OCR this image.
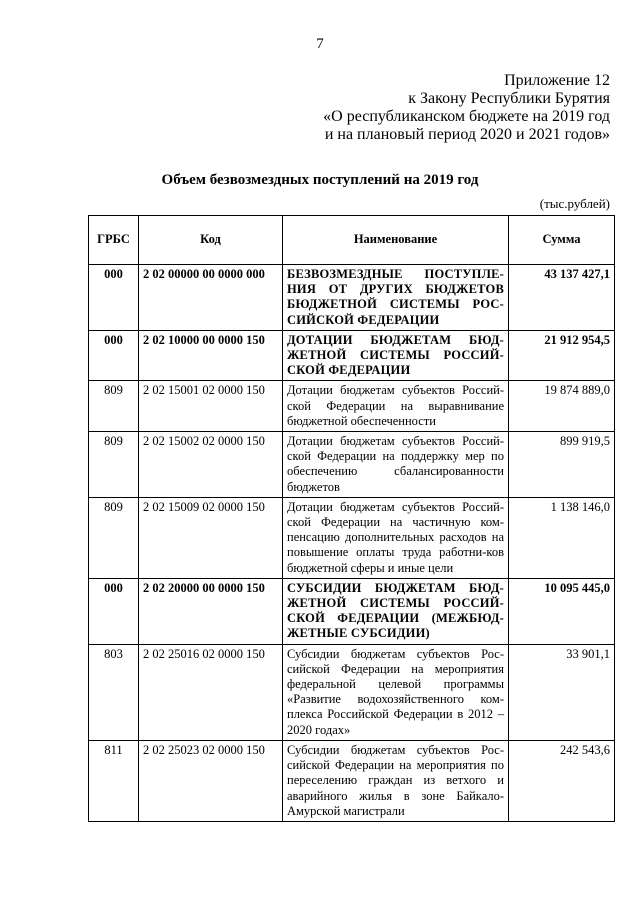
7
Приложение 12
к Закону Республики Бурятия
«О республиканском бюджете на 2019 год
и на плановый период 2020 и 2021 годов»
Объем безвозмездных поступлений на 2019 год
(тыс.рублей)
ГРБС	Код	Наименование	Сумма
000	2 02 00000 00 0000 000	БЕЗВОЗМЕЗДНЫЕ ПОСТУПЛЕ-НИЯ ОТ ДРУГИХ БЮДЖЕТОВ БЮДЖЕТНОЙ СИСТЕМЫ РОС-СИЙСКОЙ ФЕДЕРАЦИИ	43 137 427,1
000	2 02 10000 00 0000 150	ДОТАЦИИ БЮДЖЕТАМ БЮД-ЖЕТНОЙ СИСТЕМЫ РОССИЙ-СКОЙ ФЕДЕРАЦИИ	21 912 954,5
809	2 02 15001 02 0000 150	Дотации бюджетам субъектов Россий-ской Федерации на выравнивание бюджетной обеспеченности	19 874 889,0
809	2 02 15002 02 0000 150	Дотации бюджетам субъектов Россий-ской Федерации на поддержку мер по обеспечению сбалансированности бюджетов	899 919,5
809	2 02 15009 02 0000 150	Дотации бюджетам субъектов Россий-ской Федерации на частичную ком-пенсацию дополнительных расходов на повышение оплаты труда работни-ков бюджетной сферы и иные цели	1 138 146,0
000	2 02 20000 00 0000 150	СУБСИДИИ БЮДЖЕТАМ БЮД-ЖЕТНОЙ СИСТЕМЫ РОССИЙ-СКОЙ ФЕДЕРАЦИИ (МЕЖБЮД-ЖЕТНЫЕ СУБСИДИИ)	10 095 445,0
803	2 02 25016 02 0000 150	Субсидии бюджетам субъектов Рос-сийской Федерации на мероприятия федеральной целевой программы «Развитие водохозяйственного ком-плекса Российской Федерации в 2012 – 2020 годах»	33 901,1
811	2 02 25023 02 0000 150	Субсидии бюджетам субъектов Рос-сийской Федерации на мероприятия по переселению граждан из ветхого и аварийного жилья в зоне Байкало-Амурской магистрали	242 543,6
